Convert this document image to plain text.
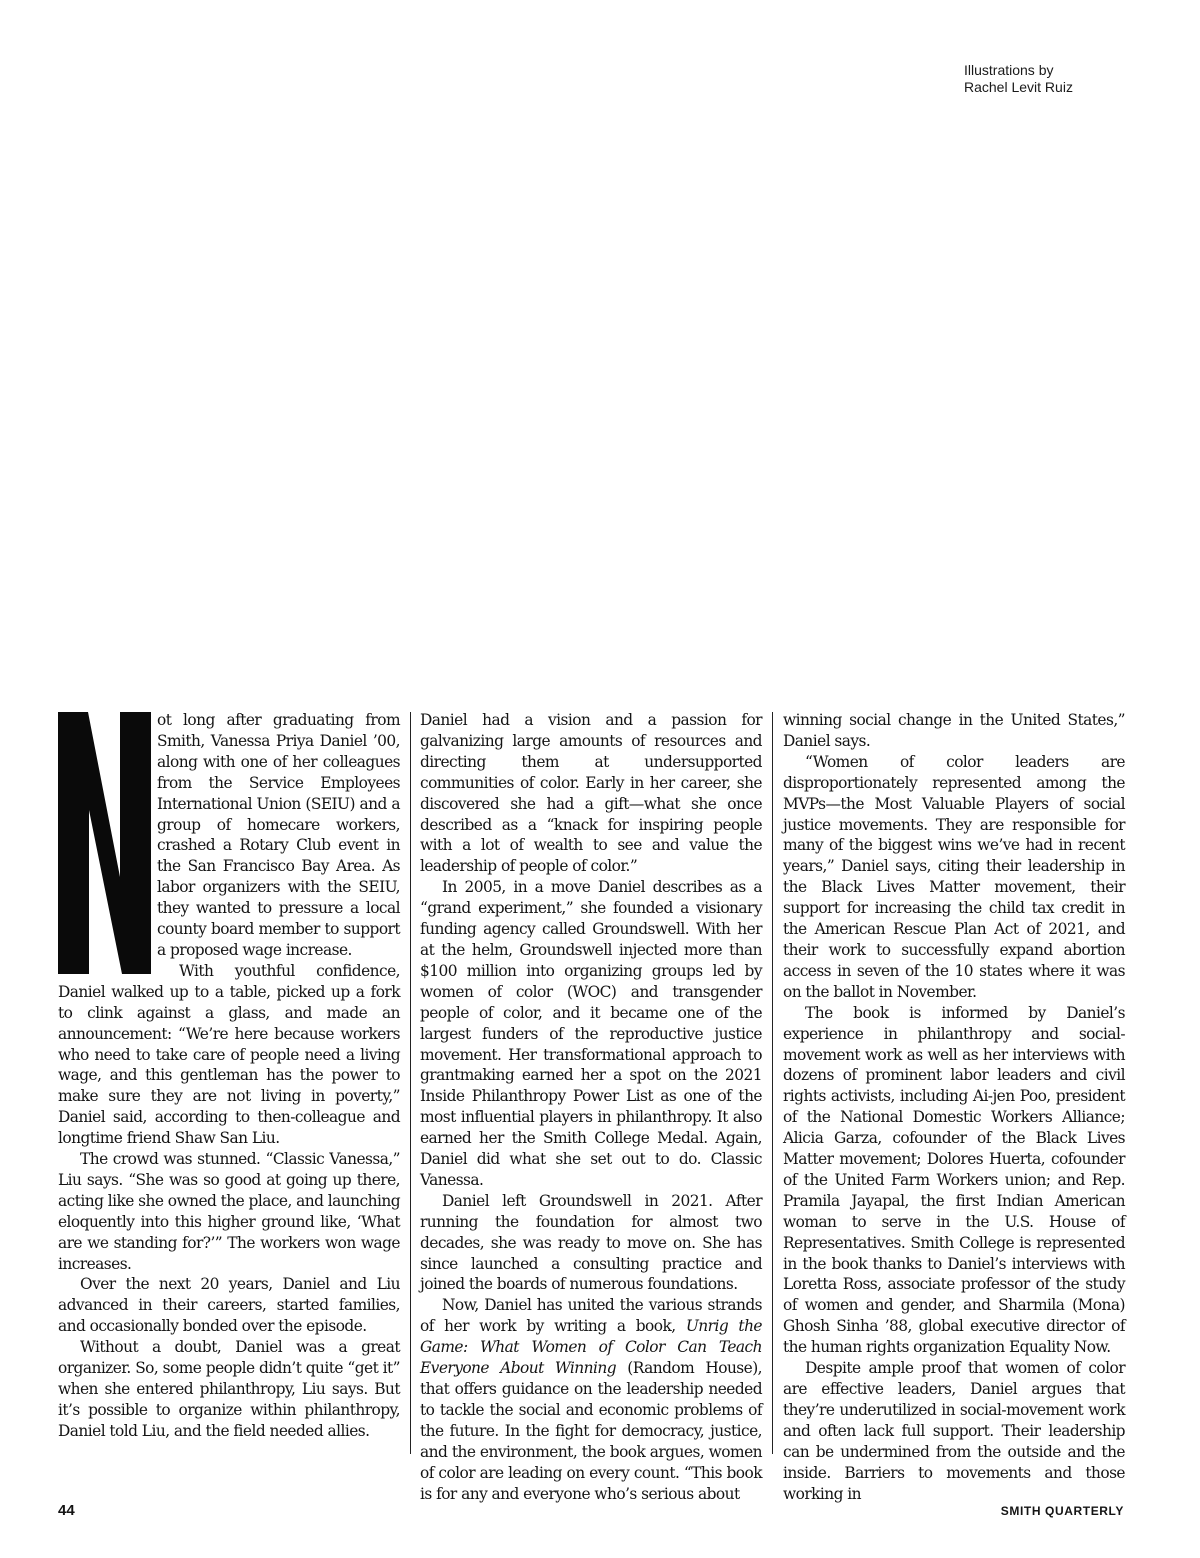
Illustrations by
Rachel Levit Ruiz

ot long after graduating from Smith, Vanessa Priya Daniel ’00, along with one of her colleagues from the Service Employees International Union (SEIU) and a group of homecare workers, crashed a Rotary Club event in the San Francisco Bay Area. As labor organizers with the SEIU, they wanted to pressure a local county board member to support a proposed wage increase.

With youthful confidence, Daniel walked up to a table, picked up a fork to clink against a glass, and made an announcement: “We’re here because workers who need to take care of people need a living wage, and this gentleman has the power to make sure they are not living in poverty,” Daniel said, according to then-colleague and longtime friend Shaw San Liu.

The crowd was stunned. “Classic Vanessa,” Liu says. “She was so good at going up there, acting like she owned the place, and launching eloquently into this higher ground like, ‘What are we standing for?’” The workers won wage increases.

Over the next 20 years, Daniel and Liu advanced in their careers, started families, and occasionally bonded over the episode.

Without a doubt, Daniel was a great organizer. So, some people didn’t quite “get it” when she entered philanthropy, Liu says. But it’s possible to organize within philanthropy, Daniel told Liu, and the field needed allies.

Daniel had a vision and a passion for galvanizing large amounts of resources and directing them at undersupported communities of color. Early in her career, she discovered she had a gift—what she once described as a “knack for inspiring people with a lot of wealth to see and value the leadership of people of color.”

In 2005, in a move Daniel describes as a “grand experiment,” she founded a visionary funding agency called Groundswell. With her at the helm, Groundswell injected more than $100 million into organizing groups led by women of color (WOC) and transgender people of color, and it became one of the largest funders of the reproductive justice movement. Her transformational approach to grantmaking earned her a spot on the 2021 Inside Philanthropy Power List as one of the most influential players in philanthropy. It also earned her the Smith College Medal. Again, Daniel did what she set out to do. Classic Vanessa.

Daniel left Groundswell in 2021. After running the foundation for almost two decades, she was ready to move on. She has since launched a consulting practice and joined the boards of numerous foundations.

Now, Daniel has united the various strands of her work by writing a book, Unrig the Game: What Women of Color Can Teach Everyone About Winning (Random House), that offers guidance on the leadership needed to tackle the social and economic problems of the future. In the fight for democracy, justice, and the environment, the book argues, women of color are leading on every count. “This book is for any and everyone who’s serious about

winning social change in the United States,” Daniel says.

“Women of color leaders are disproportionately represented among the MVPs—the Most Valuable Players of social justice movements. They are responsible for many of the biggest wins we’ve had in recent years,” Daniel says, citing their leadership in the Black Lives Matter movement, their support for increasing the child tax credit in the American Rescue Plan Act of 2021, and their work to successfully expand abortion access in seven of the 10 states where it was on the ballot in November.

The book is informed by Daniel’s experience in philanthropy and social-movement work as well as her interviews with dozens of prominent labor leaders and civil rights activists, including Ai-jen Poo, president of the National Domestic Workers Alliance; Alicia Garza, cofounder of the Black Lives Matter movement; Dolores Huerta, cofounder of the United Farm Workers union; and Rep. Pramila Jayapal, the first Indian American woman to serve in the U.S. House of Representatives. Smith College is represented in the book thanks to Daniel’s interviews with Loretta Ross, associate professor of the study of women and gender, and Sharmila (Mona) Ghosh Sinha ’88, global executive director of the human rights organization Equality Now.

Despite ample proof that women of color are effective leaders, Daniel argues that they’re underutilized in social-movement work and often lack full support. Their leadership can be undermined from the outside and the inside. Barriers to movements and those working in

44	SMITH QUARTERLY
